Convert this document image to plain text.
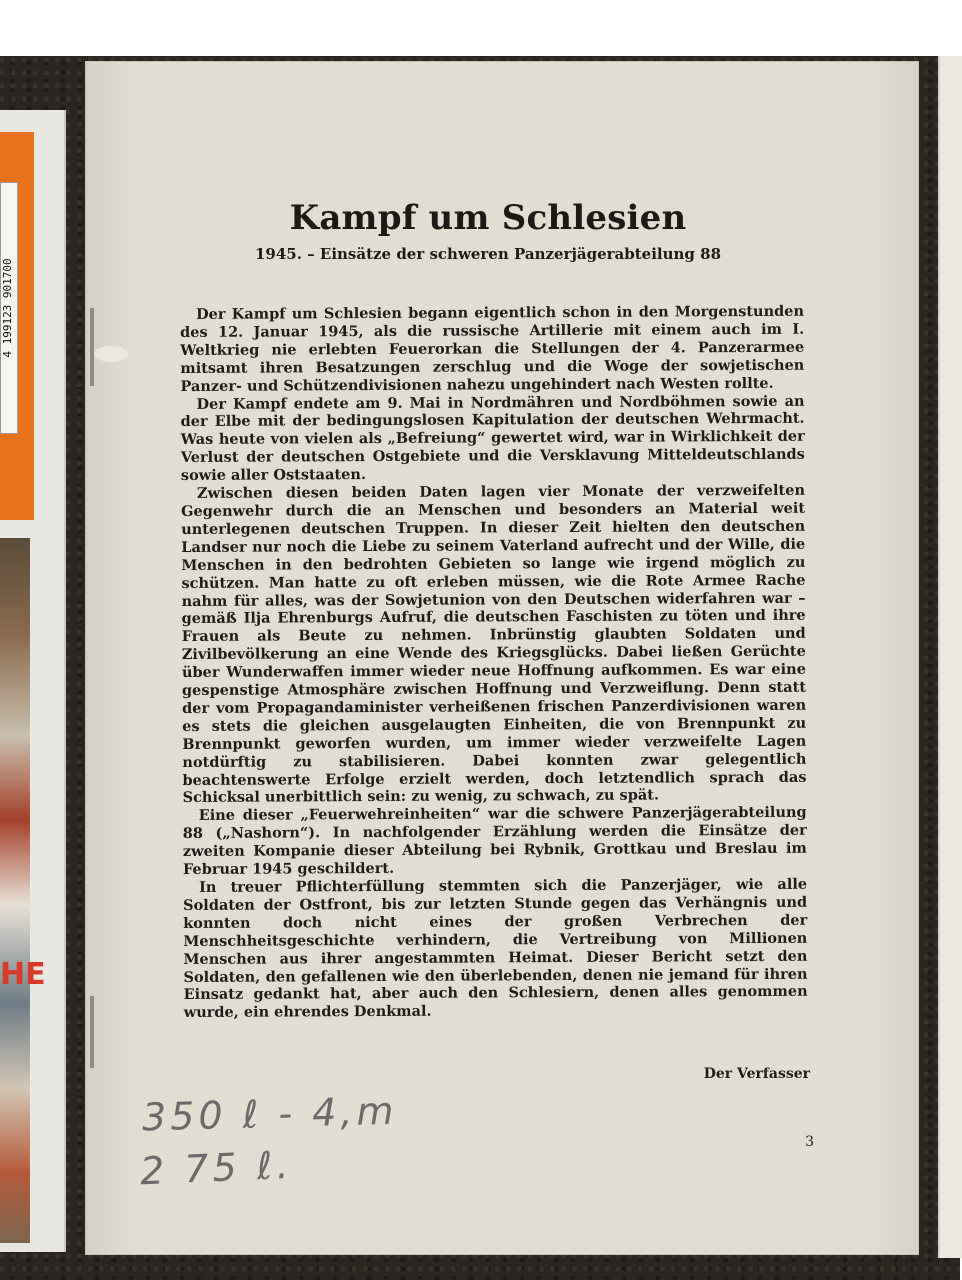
4 199123 901700
HE
Kampf um Schlesien
1945. – Einsätze der schweren Panzerjägerabteilung 88

Der Kampf um Schlesien begann eigentlich schon in den Morgenstunden des 12. Januar 1945, als die russische Artillerie mit einem auch im I. Weltkrieg nie erlebten Feuerorkan die Stellungen der 4. Panzerarmee mitsamt ihren Besatzungen zerschlug und die Woge der sowjetischen Panzer- und Schützendivisionen nahezu ungehindert nach Westen rollte.

Der Kampf endete am 9. Mai in Nordmähren und Nordböhmen sowie an der Elbe mit der bedingungslosen Kapitulation der deutschen Wehrmacht. Was heute von vielen als „Befreiung“ gewertet wird, war in Wirklichkeit der Verlust der deutschen Ostgebiete und die Versklavung Mitteldeutschlands sowie aller Oststaaten.

Zwischen diesen beiden Daten lagen vier Monate der verzweifelten Gegenwehr durch die an Menschen und besonders an Material weit unterlegenen deutschen Truppen. In dieser Zeit hielten den deutschen Landser nur noch die Liebe zu seinem Vaterland aufrecht und der Wille, die Menschen in den bedrohten Gebieten so lange wie irgend möglich zu schützen. Man hatte zu oft erleben müssen, wie die Rote Armee Rache nahm für alles, was der Sowjetunion von den Deutschen widerfahren war – gemäß Ilja Ehrenburgs Aufruf, die deutschen Faschisten zu töten und ihre Frauen als Beute zu nehmen. Inbrünstig glaubten Soldaten und Zivilbevölkerung an eine Wende des Kriegsglücks. Dabei ließen Gerüchte über Wunderwaffen immer wieder neue Hoffnung aufkommen. Es war eine gespenstige Atmosphäre zwischen Hoffnung und Verzweiflung. Denn statt der vom Propagandaminister verheißenen frischen Panzerdivisionen waren es stets die gleichen ausgelaugten Einheiten, die von Brennpunkt zu Brennpunkt geworfen wurden, um immer wieder verzweifelte Lagen notdürftig zu stabilisieren. Dabei konnten zwar gelegentlich beachtenswerte Erfolge erzielt werden, doch letztendlich sprach das Schicksal unerbittlich sein: zu wenig, zu schwach, zu spät.

Eine dieser „Feuerwehreinheiten“ war die schwere Panzerjägerabteilung 88 („Nashorn“). In nachfolgender Erzählung werden die Einsätze der zweiten Kompanie dieser Abteilung bei Rybnik, Grottkau und Breslau im Februar 1945 geschildert.

In treuer Pflichterfüllung stemmten sich die Panzerjäger, wie alle Soldaten der Ostfront, bis zur letzten Stunde gegen das Verhängnis und konnten doch nicht eines der großen Verbrechen der Menschheitsgeschichte verhindern, die Vertreibung von Millionen Menschen aus ihrer angestammten Heimat. Dieser Bericht setzt den Soldaten, den gefallenen wie den überlebenden, denen nie jemand für ihren Einsatz gedankt hat, aber auch den Schlesiern, denen alles genommen wurde, ein ehrendes Denkmal.

Der Verfasser
350 ℓ - 4,m
2 75 ℓ.
3
